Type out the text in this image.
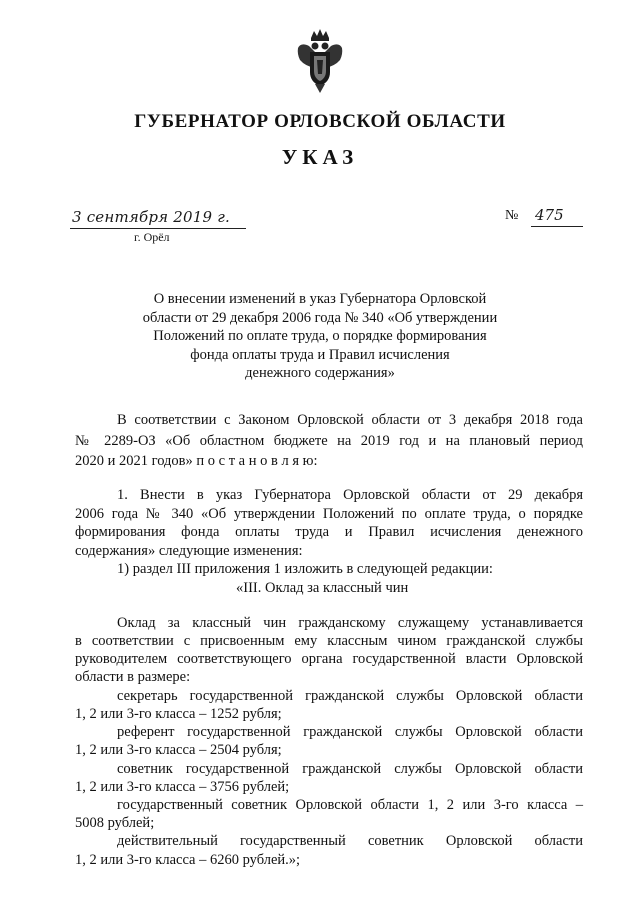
ГУБЕРНАТОР ОРЛОВСКОЙ ОБЛАСТИ
УКАЗ
3 сентября 2019 г.
г. Орёл
№ 475
О внесении изменений в указ Губернатора Орловской
области от 29 декабря 2006 года № 340 «Об утверждении
Положений по оплате труда, о порядке формирования
фонда оплаты труда и Правил исчисления
денежного содержания»
В соответствии с Законом Орловской области от 3 декабря 2018 года
№ 2289-ОЗ «Об областном бюджете на 2019 год и на плановый период
2020 и 2021 годов» п о с т а н о в л я ю:
1. Внести в указ Губернатора Орловской области от 29 декабря
2006 года № 340 «Об утверждении Положений по оплате труда, о порядке
формирования фонда оплаты труда и Правил исчисления денежного
содержания» следующие изменения:
1) раздел III приложения 1 изложить в следующей редакции:
«III. Оклад за классный чин
Оклад за классный чин гражданскому служащему устанавливается
в соответствии с присвоенным ему классным чином гражданской службы
руководителем соответствующего органа государственной власти Орловской
области в размере:
секретарь государственной гражданской службы Орловской области
1, 2 или 3-го класса – 1252 рубля;
референт государственной гражданской службы Орловской области
1, 2 или 3-го класса – 2504 рубля;
советник государственной гражданской службы Орловской области
1, 2 или 3-го класса – 3756 рублей;
государственный советник Орловской области 1, 2 или 3-го класса –
5008 рублей;
действительный государственный советник Орловской области
1, 2 или 3-го класса – 6260 рублей.»;
